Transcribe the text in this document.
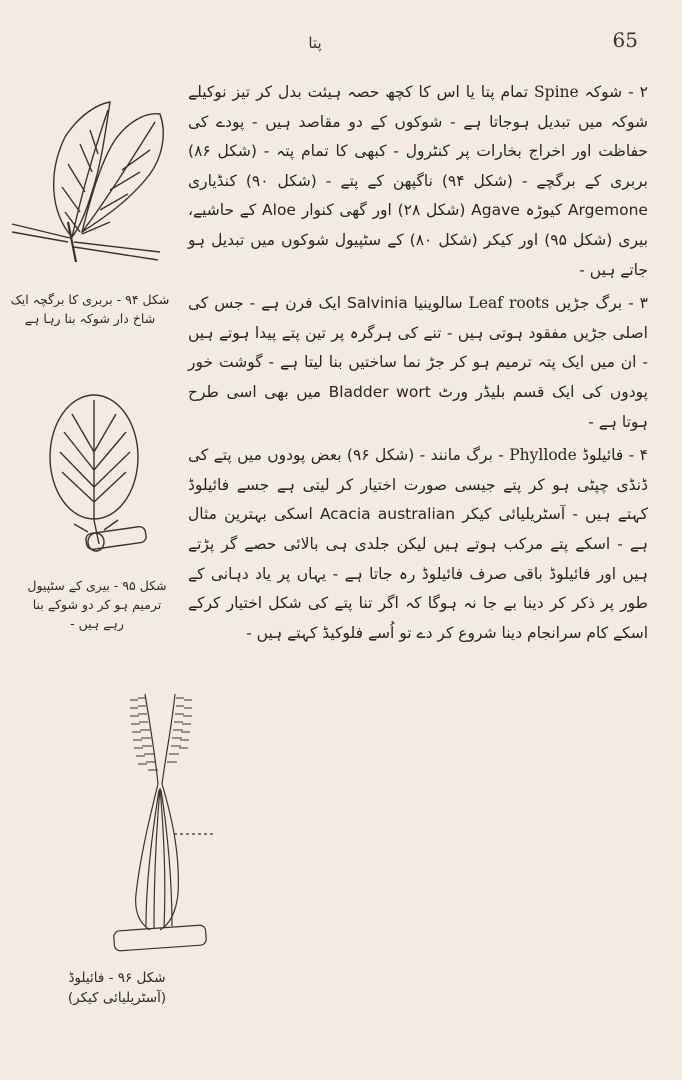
65
پتا

۲ - شوکہ Spine تمام پتا یا اس کا کچھ حصہ ہیئت بدل کر تیز نوکیلے شوکہ میں تبدیل ہوجاتا ہے - شوکوں کے دو مقاصد ہیں - پودے کی حفاظت اور اخراج بخارات پر کنٹرول - کبھی کا تمام پتہ - (شکل ۸۶) بربری کے برگچے - (شکل ۹۴) ناگپھن کے پتے - (شکل ۹۰) کنڈیاری Argemone کیوڑہ Agave (شکل ۲۸) اور گھی کنوار Aloe کے حاشیے، بیری (شکل ۹۵) اور کیکر (شکل ۸۰) کے سٹپیول شوکوں میں تبدیل ہو جاتے ہیں -

۳ - برگ جڑیں Leaf roots سالوینیا Salvinia ایک فرن ہے - جس کی اصلی جڑیں مفقود ہوتی ہیں - تنے کی ہرگرہ پر تین پتے پیدا ہوتے ہیں - ان میں ایک پتہ ترمیم ہو کر جڑ نما ساختیں بنا لیتا ہے - گوشت خور پودوں کی ایک قسم بلیڈر ورٹ Bladder wort میں بھی اسی طرح ہوتا ہے -

۴ - فائیلوڈ Phyllode - برگ مانند - (شکل ۹۶) بعض پودوں میں پتے کی ڈنڈی چپٹی ہو کر پتے جیسی صورت اختیار کر لیتی ہے جسے فائیلوڈ کہتے ہیں - آسٹریلیائی کیکر Acacia australian اسکی بہترین مثال ہے - اسکے پتے مرکب ہوتے ہیں لیکن جلدی ہی بالائی حصے گر پڑتے ہیں اور فائیلوڈ باقی صرف فائیلوڈ رہ جاتا ہے - یہاں پر یاد دہانی کے طور پر ذکر کر دینا بے جا نہ ہوگا کہ اگر تنا پتے کی شکل اختیار کرکے اسکے کام سرانجام دینا شروع کر دے تو اُسے فلوکیڈ کہتے ہیں -

شکل ۹۴ - بربری کا برگچہ ایک شاخ دار شوکہ بنا رہا ہے
شکل ۹۵ - بیری کے سٹپیول ترمیم ہو کر دو شوکے بنا رہے ہیں -
شکل ۹۶ - فائیلوڈ (آسٹریلیائی کیکر)
